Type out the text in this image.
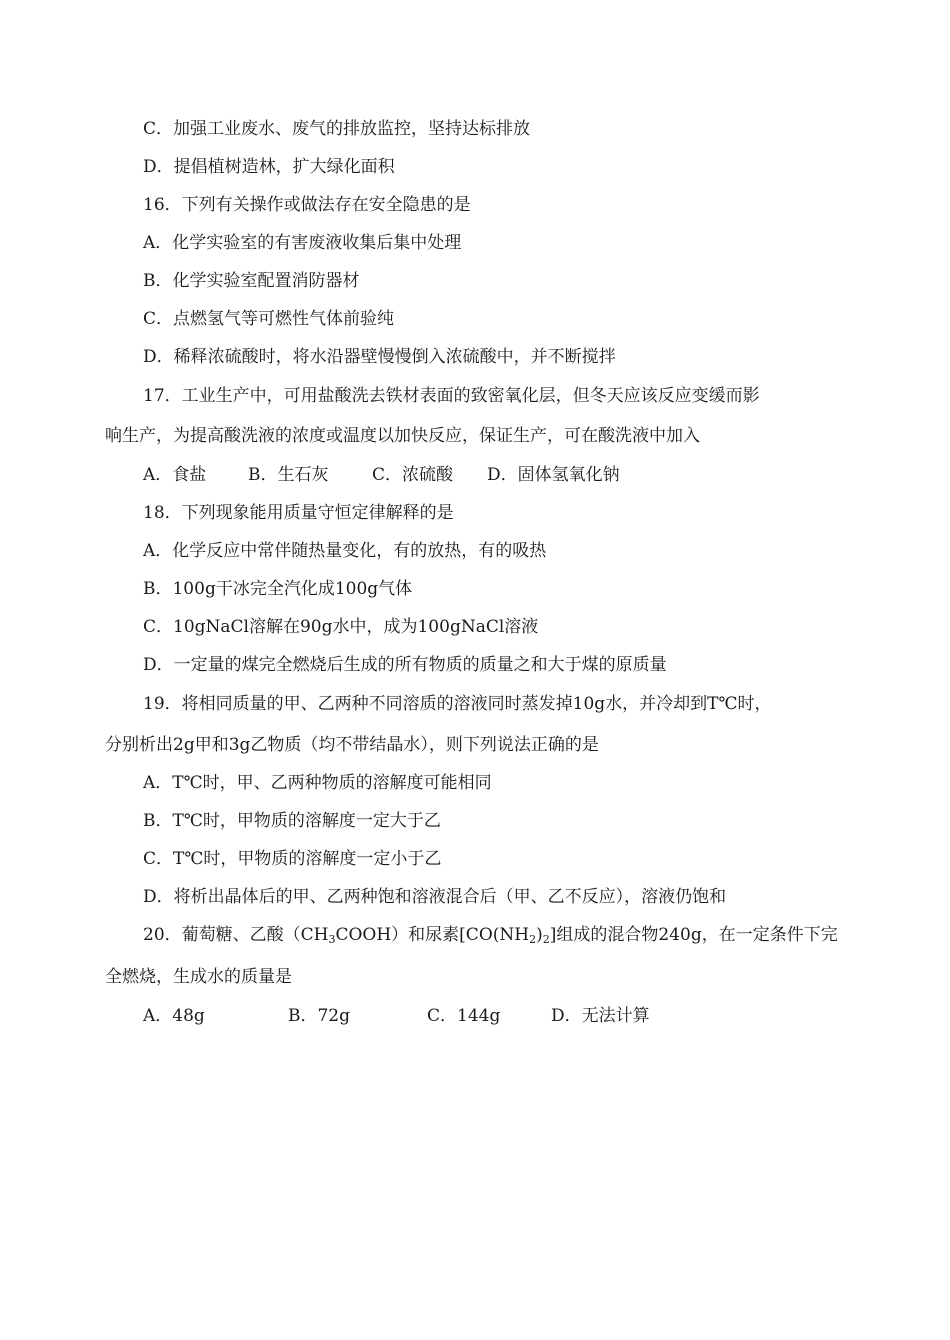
C．加强工业废水、废气的排放监控，坚持达标排放
D．提倡植树造林，扩大绿化面积
16．下列有关操作或做法存在安全隐患的是
A．化学实验室的有害废液收集后集中处理
B．化学实验室配置消防器材
C．点燃氢气等可燃性气体前验纯
D．稀释浓硫酸时，将水沿器壁慢慢倒入浓硫酸中，并不断搅拌
17．工业生产中，可用盐酸洗去铁材表面的致密氧化层，但冬天应该反应变缓而影
响生产，为提高酸洗液的浓度或温度以加快反应，保证生产，可在酸洗液中加入
A．食盐 B．生石灰	C．浓硫酸 D．固体氢氧化钠
18．下列现象能用质量守恒定律解释的是
A．化学反应中常伴随热量变化，有的放热，有的吸热
B．100g干冰完全汽化成100g气体
C．10gNaCl溶解在90g水中，成为100gNaCl溶液
D．一定量的煤完全燃烧后生成的所有物质的质量之和大于煤的原质量
19．将相同质量的甲、乙两种不同溶质的溶液同时蒸发掉10g水，并冷却到T℃时，
分别析出2g甲和3g乙物质（均不带结晶水），则下列说法正确的是
A．T℃时，甲、乙两种物质的溶解度可能相同
B．T℃时，甲物质的溶解度一定大于乙
C．T℃时，甲物质的溶解度一定小于乙
D．将析出晶体后的甲、乙两种饱和溶液混合后（甲、乙不反应），溶液仍饱和
20．葡萄糖、乙酸$(CH_3COOH)$和尿素$[CO(NH_2)_2]$组成的混合物240g，在一定条件下完
全燃烧，生成水的质量是
A．48g	B．72g	C．144g	D．无法计算
